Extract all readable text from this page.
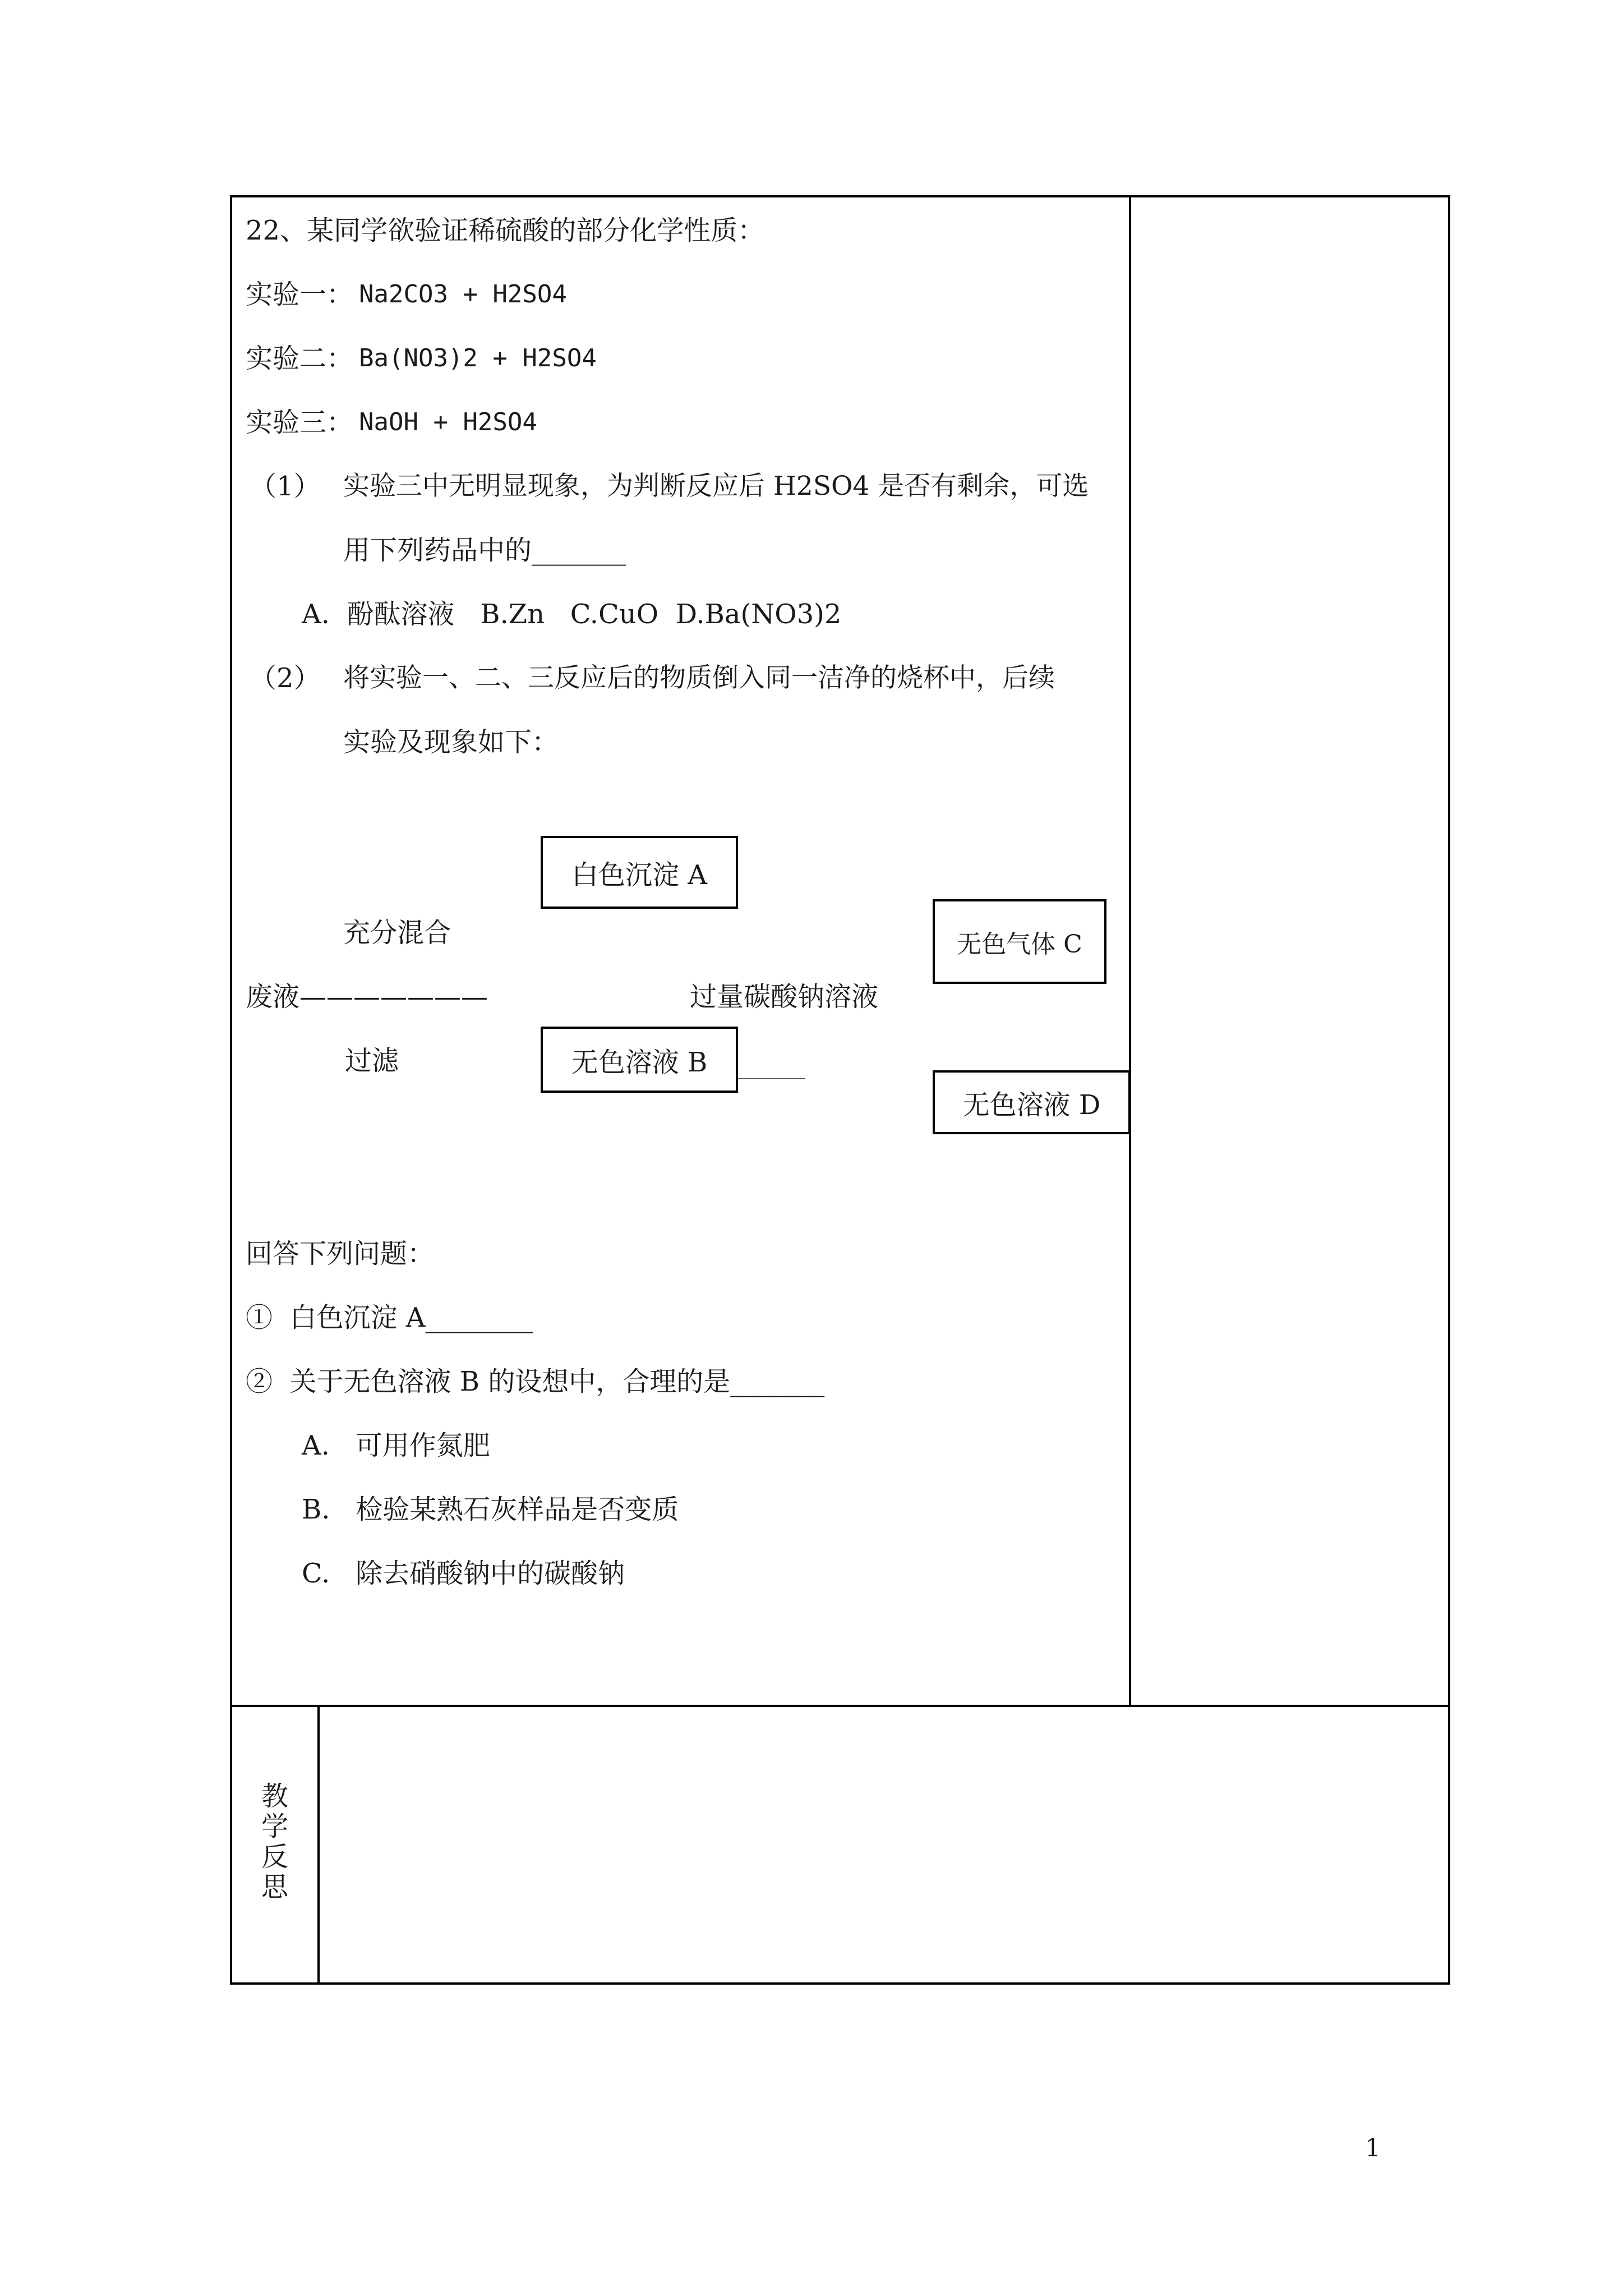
22、某同学欲验证稀硫酸的部分化学性质：
实验一： Na2CO3 + H2SO4
实验二： Ba(NO3)2 + H2SO4
实验三： NaOH + H2SO4
（1） 实验三中无明显现象，为判断反应后 H2SO4 是否有剩余，可选
用下列药品中的_______
A.  酚酞溶液   B.Zn   C.CuO  D.Ba(NO3)2
（2） 将实验一、二、三反应后的物质倒入同一洁净的烧杯中，后续
实验及现象如下：
白色沉淀 A
充分混合	无色气体 C
废液———————	过量碳酸钠溶液
过滤	无色溶液 B	______
无色溶液 D
回答下列问题：
①  白色沉淀 A________
②  关于无色溶液 B 的设想中，合理的是_______
A.   可用作氮肥
B.   检验某熟石灰样品是否变质
C.   除去硝酸钠中的碳酸钠
教
学
反
思
1
